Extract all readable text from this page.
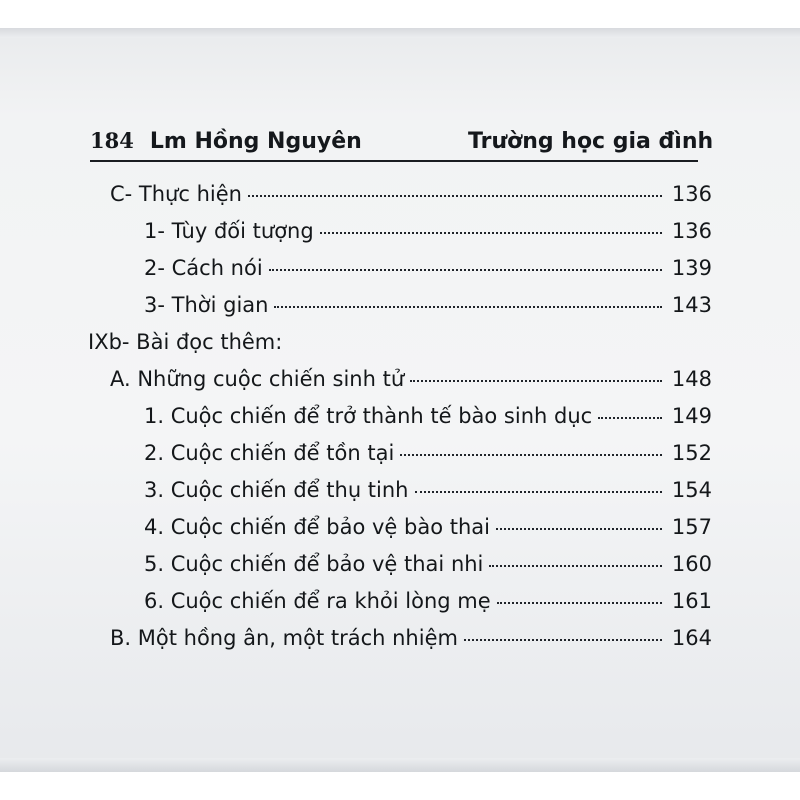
184 Lm Hồng Nguyên	Trường học gia đình
C- Thực hiện	136
1- Tùy đối tượng	136
2- Cách nói	139
3- Thời gian	143
IXb- Bài đọc thêm:
A. Những cuộc chiến sinh tử	148
1. Cuộc chiến để trở thành tế bào sinh dục	149
2. Cuộc chiến để tồn tại	152
3. Cuộc chiến để thụ tinh	154
4. Cuộc chiến để bảo vệ bào thai	157
5. Cuộc chiến để bảo vệ thai nhi	160
6. Cuộc chiến để ra khỏi lòng mẹ	161
B. Một hồng ân, một trách nhiệm	164
